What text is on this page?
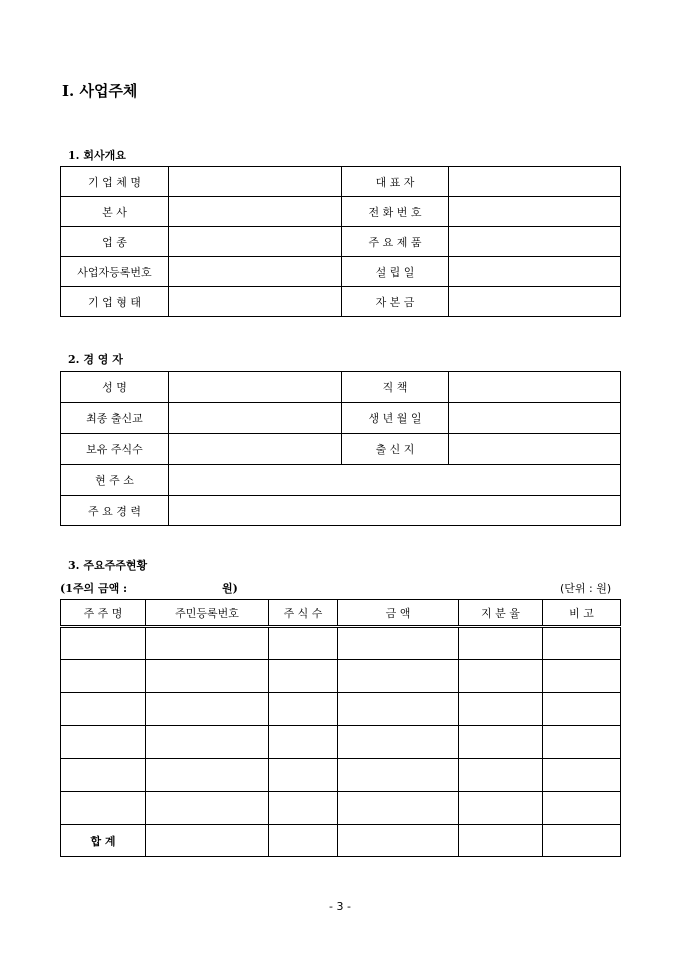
Ⅰ. 사업주체
1. 회사개요
기 업 체 명		대 표 자	

본 사		전 화 번 호	

업 종		주 요 제 품	

사업자등록번호		설 립 일	

기 업 형 태		자 본 금	

2. 경 영 자
성 명		직 책	

최종 출신교		생 년 월 일	

보유 주식수		출 신 지	

현 주 소			

주 요 경 력			

3. 주요주주현황
(1주의 금액 :	원)	(단위 : 원)
주 주 명	주민등록번호	주 식 수	금 액	지 분 율	비 고

합 계					
- 3 -
